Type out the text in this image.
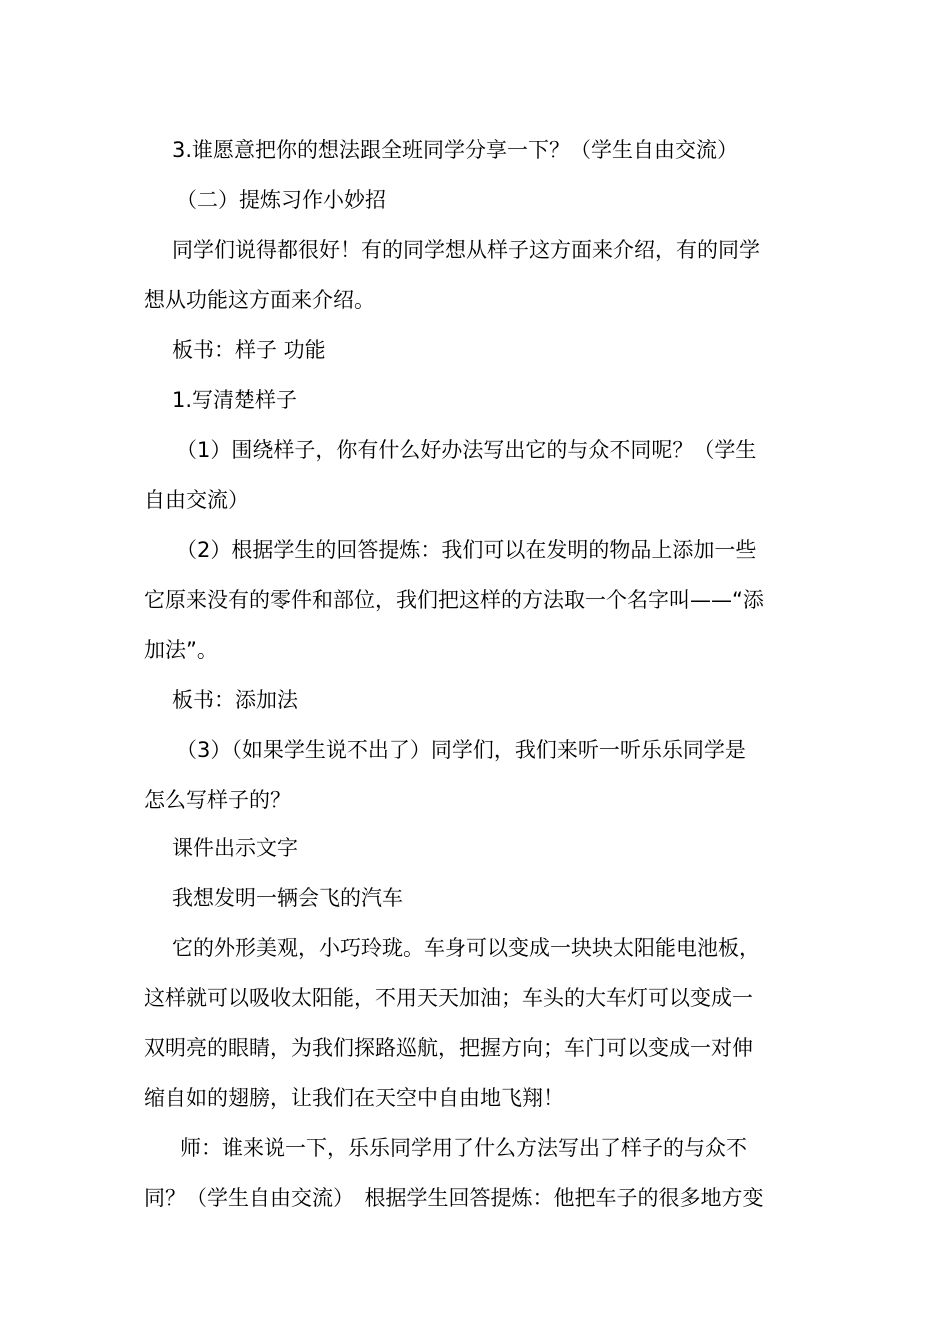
3.谁愿意把你的想法跟全班同学分享一下？（学生自由交流）

（二）提炼习作小妙招

同学们说得都很好！有的同学想从样子这方面来介绍，有的同学

想从功能这方面来介绍。

板书：样子 功能

1.写清楚样子

（1）围绕样子，你有什么好办法写出它的与众不同呢？（学生

自由交流）

（2）根据学生的回答提炼：我们可以在发明的物品上添加一些

它原来没有的零件和部位，我们把这样的方法取一个名字叫——“添

加法”。

板书：添加法

（3）（如果学生说不出了）同学们，我们来听一听乐乐同学是

怎么写样子的？

课件出示文字

我想发明一辆会飞的汽车

它的外形美观，小巧玲珑。车身可以变成一块块太阳能电池板，

这样就可以吸收太阳能，不用天天加油；车头的大车灯可以变成一

双明亮的眼睛，为我们探路巡航，把握方向；车门可以变成一对伸

缩自如的翅膀，让我们在天空中自由地飞翔！

师：谁来说一下，乐乐同学用了什么方法写出了样子的与众不

同？（学生自由交流）　根据学生回答提炼：他把车子的很多地方变
